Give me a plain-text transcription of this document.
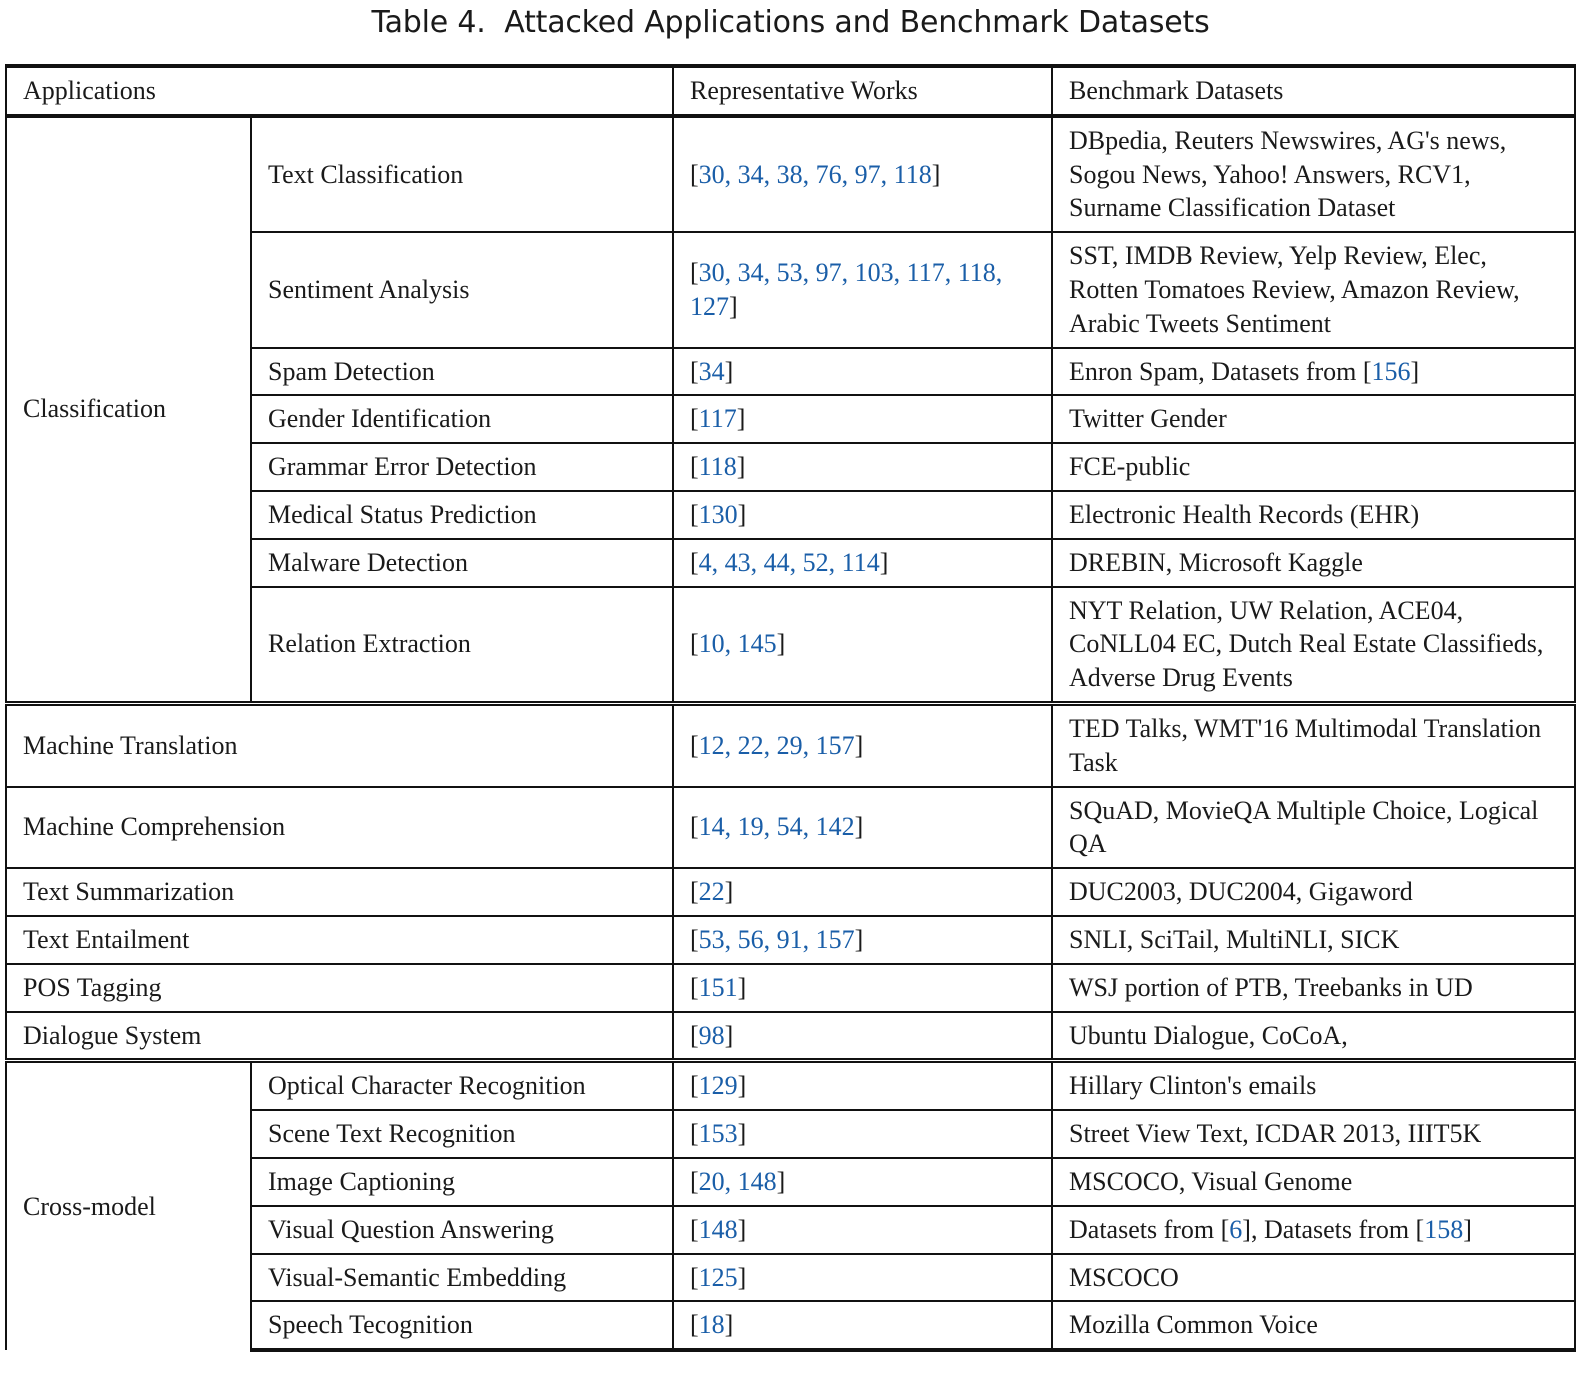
Table 4.  Attacked Applications and Benchmark Datasets
Applications		Representative Works	Benchmark Datasets
Classification	Text Classification	[30, 34, 38, 76, 97, 118]	DBpedia, Reuters Newswires, AG's news, Sogou News, Yahoo! Answers, RCV1, Surname Classification Dataset
	Sentiment Analysis	[30, 34, 53, 97, 103, 117, 118, 127]	SST, IMDB Review, Yelp Review, Elec, Rotten Tomatoes Review, Amazon Review, Arabic Tweets Sentiment
	Spam Detection	[34]	Enron Spam, Datasets from [156]
	Gender Identification	[117]	Twitter Gender
	Grammar Error Detection	[118]	FCE-public
	Medical Status Prediction	[130]	Electronic Health Records (EHR)
	Malware Detection	[4, 43, 44, 52, 114]	DREBIN, Microsoft Kaggle
	Relation Extraction	[10, 145]	NYT Relation, UW Relation, ACE04, CoNLL04 EC, Dutch Real Estate Classifieds, Adverse Drug Events
Machine Translation		[12, 22, 29, 157]	TED Talks, WMT'16 Multimodal Translation Task
Machine Comprehension		[14, 19, 54, 142]	SQuAD, MovieQA Multiple Choice, Logical QA
Text Summarization		[22]	DUC2003, DUC2004, Gigaword
Text Entailment		[53, 56, 91, 157]	SNLI, SciTail, MultiNLI, SICK
POS Tagging		[151]	WSJ portion of PTB, Treebanks in UD
Dialogue System		[98]	Ubuntu Dialogue, CoCoA,
Cross-model	Optical Character Recognition	[129]	Hillary Clinton's emails
	Scene Text Recognition	[153]	Street View Text, ICDAR 2013, IIIT5K
	Image Captioning	[20, 148]	MSCOCO, Visual Genome
	Visual Question Answering	[148]	Datasets from [6], Datasets from [158]
	Visual-Semantic Embedding	[125]	MSCOCO
	Speech Tecognition	[18]	Mozilla Common Voice
